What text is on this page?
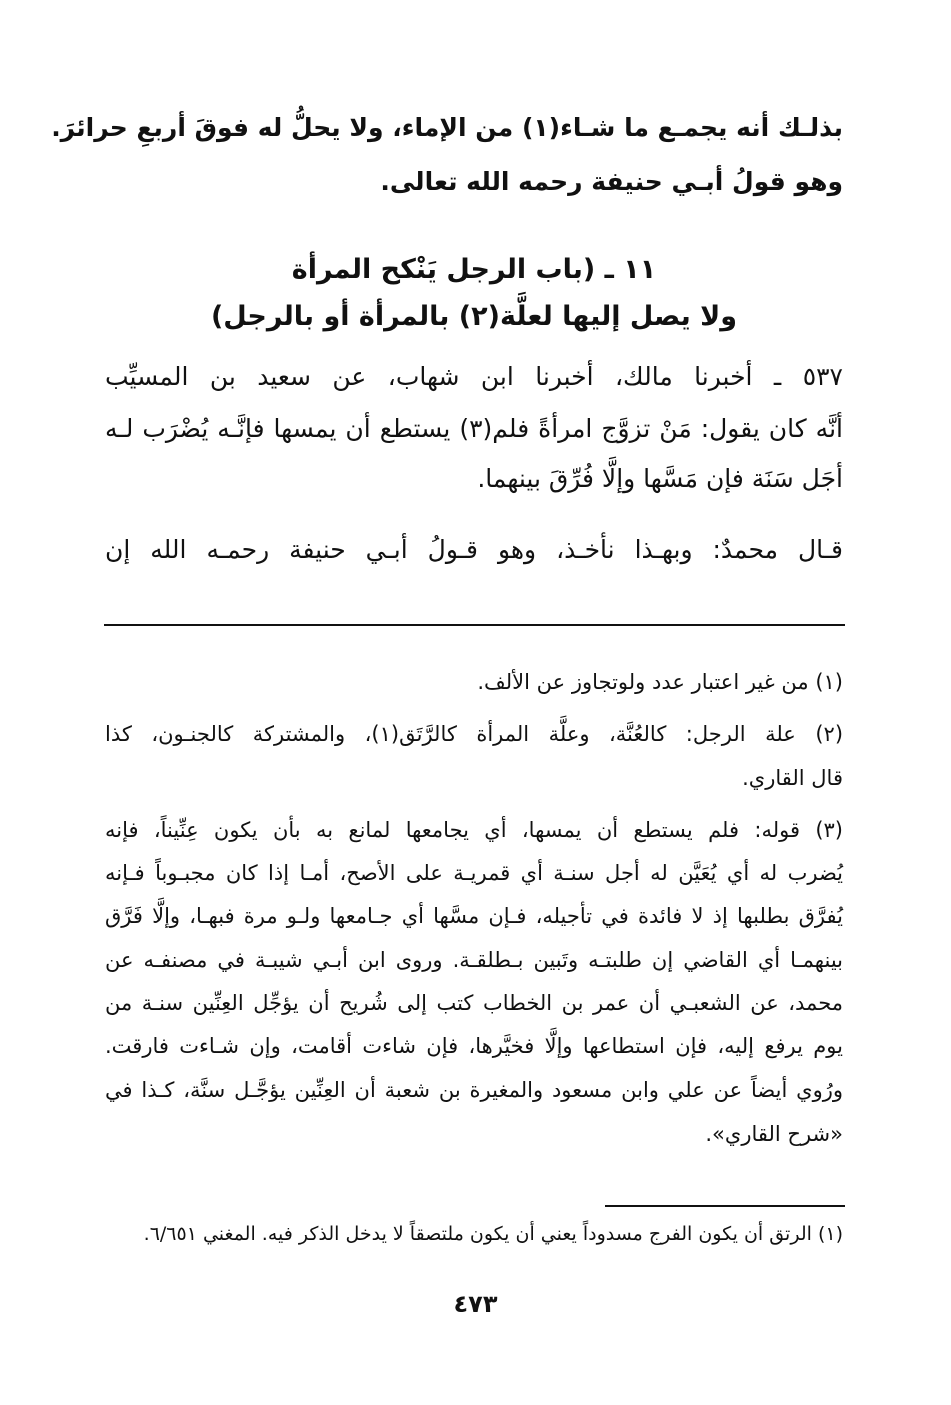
بذلـك أنه يجمـع ما شـاء(١) من الإماء، ولا يحلُّ له فوقَ أربعِ حرائرَ.
وهو قولُ أبـي حنيفة رحمه الله تعالى.
١١ ـ (باب الرجل يَنْكح المرأة
ولا يصل إليها لعلَّة(٢) بالمرأة أو بالرجل)
٥٣٧ ـ أخبرنا مالك، أخبرنا ابن شهاب، عن سعيد بن المسيِّب
أنَّه كان يقول: مَنْ تزوَّج امرأةً فلم(٣) يستطع أن يمسها فإنَّـه يُضْرَب لـه
أجَل سَنَة فإن مَسَّها وإلَّا فُرِّقَ بينهما.
قـال محمدٌ: وبهـذا نأخـذ، وهو قـولُ أبـي حنيفة رحمـه الله إن
(١) من غير اعتبار عدد ولوتجاوز عن الألف.
(٢) علة الرجل: كالعُنَّة، وعلَّة المرأة كالرَّتَق(١)، والمشتركة كالجنـون، كذا
قال القاري.
(٣) قوله: فلم يستطع أن يمسها، أي يجامعها لمانع به بأن يكون عِنِّيناً، فإنه
يُضرب له أي يُعَيَّن له أجل سنـة أي قمريـة على الأصح، أمـا إذا كان مجبـوباً فـإنه
يُفرَّق بطلبها إذ لا فائدة في تأجيله، فـإن مسَّها أي جـامعها ولـو مرة فبهـا، وإلَّا فَرَّق
بينهمـا أي القاضي إن طلبتـه وتَبين بـطلقـة. وروى ابن أبـي شيبـة في مصنفـه عن
محمد، عن الشعبـي أن عمر بن الخطاب كتب إلى شُريح أن يؤجِّل العِنِّين سنـة من
يوم يرفع إليه، فإن استطاعها وإلَّا فخيَّرها، فإن شاءت أقامت، وإن شـاءت فارقت.
ورُوي أيضاً عن علي وابن مسعود والمغيرة بن شعبة أن العِنِّين يؤجَّـل سنَّة، كـذا في
«شرح القاري».
(١) الرتق أن يكون الفرج مسدوداً يعني أن يكون ملتصقاً لا يدخل الذكر فيه. المغني ٦/٦٥١.
٤٧٣
